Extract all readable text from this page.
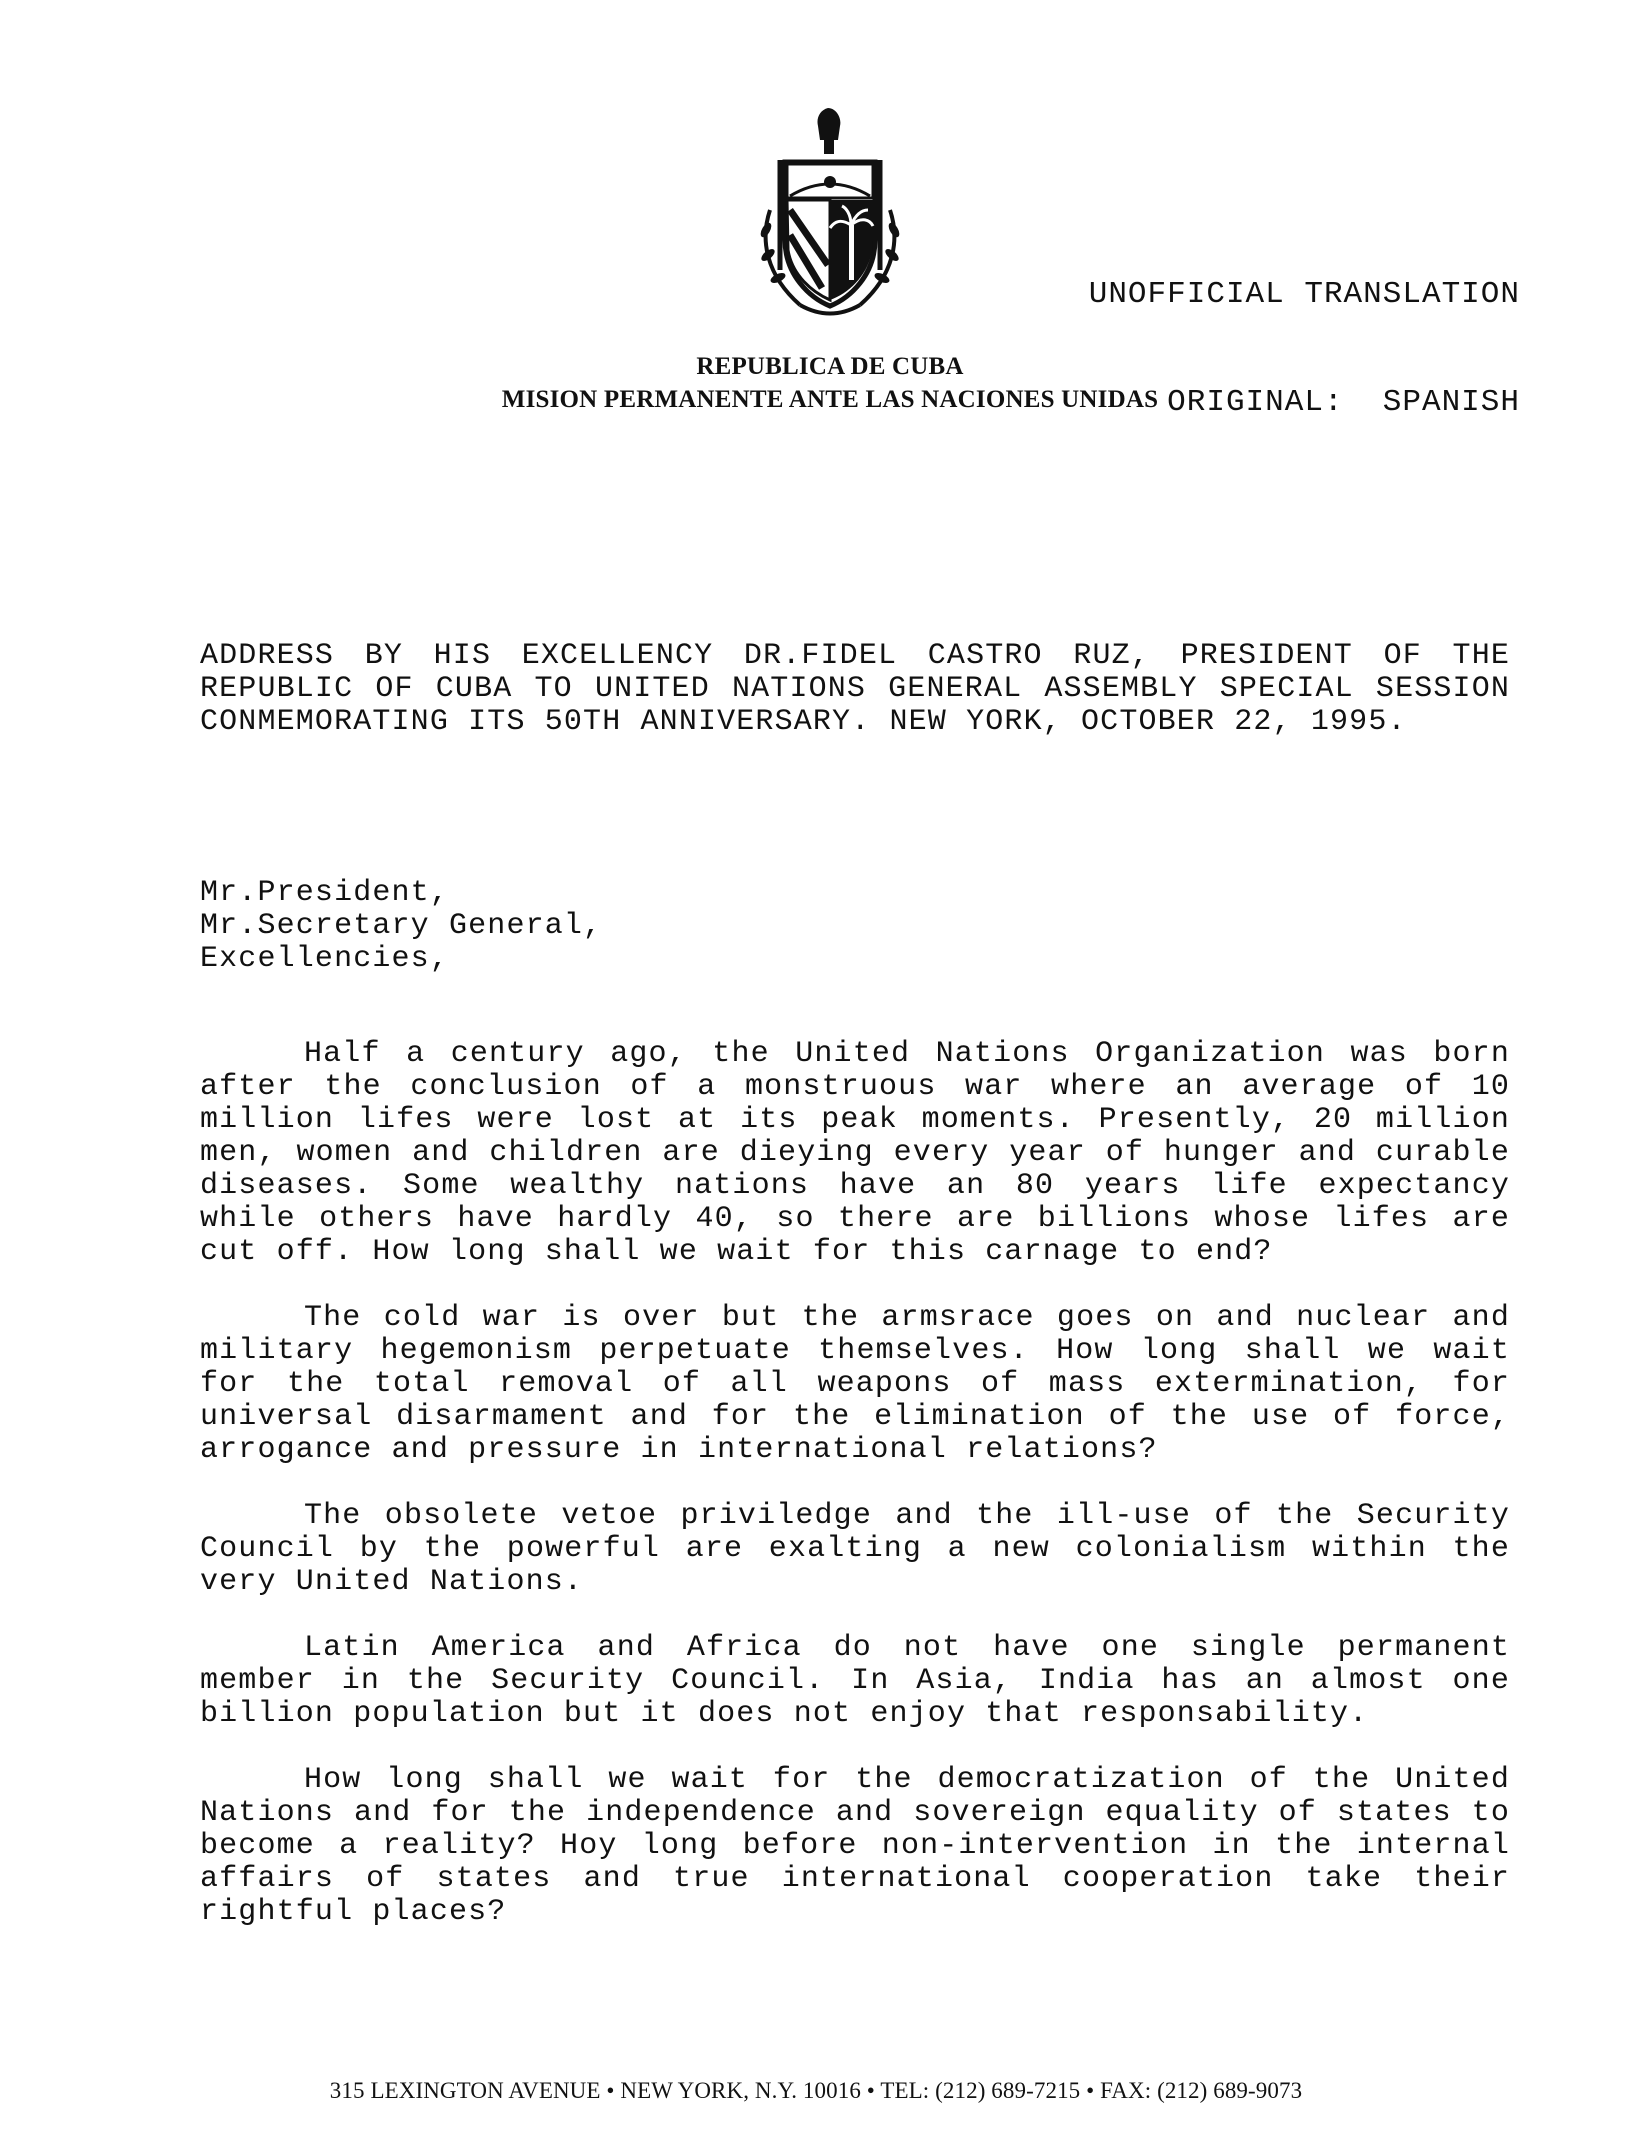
UNOFFICIAL TRANSLATION

ORIGINAL:  SPANISH

REPUBLICA DE CUBA
MISION PERMANENTE ANTE LAS NACIONES UNIDAS
ADDRESS BY HIS EXCELLENCY DR.FIDEL CASTRO RUZ, PRESIDENT OF THE REPUBLIC OF CUBA TO UNITED NATIONS GENERAL ASSEMBLY SPECIAL SESSION CONMEMORATING ITS 50TH ANNIVERSARY. NEW YORK, OCTOBER 22, 1995.
Mr.President,
Mr.Secretary General,
Excellencies,

Half a century ago, the United Nations Organization was born after the conclusion of a monstruous war where an average of 10 million lifes were lost at its peak moments. Presently, 20 million men, women and children are dieying every year of hunger and curable diseases. Some wealthy nations have an 80 years life expectancy while others have hardly 40, so there are billions whose lifes are cut off. How long shall we wait for this carnage to end?

The cold war is over but the armsrace goes on and nuclear and military hegemonism perpetuate themselves. How long shall we wait for the total removal of all weapons of mass extermination, for universal disarmament and for the elimination of the use of force, arrogance and pressure in international relations?

The obsolete vetoe priviledge and the ill-use of the Security Council by the powerful are exalting a new colonialism within the very United Nations.

Latin America and Africa do not have one single permanent member in the Security Council. In Asia, India has an almost one billion population but it does not enjoy that responsability.

How long shall we wait for the democratization of the United Nations and for the independence and sovereign equality of states to become a reality? Hoy long before non-intervention in the internal affairs of states and true international cooperation take their rightful places?

315 LEXINGTON AVENUE • NEW YORK, N.Y. 10016 • TEL: (212) 689-7215 • FAX: (212) 689-9073
